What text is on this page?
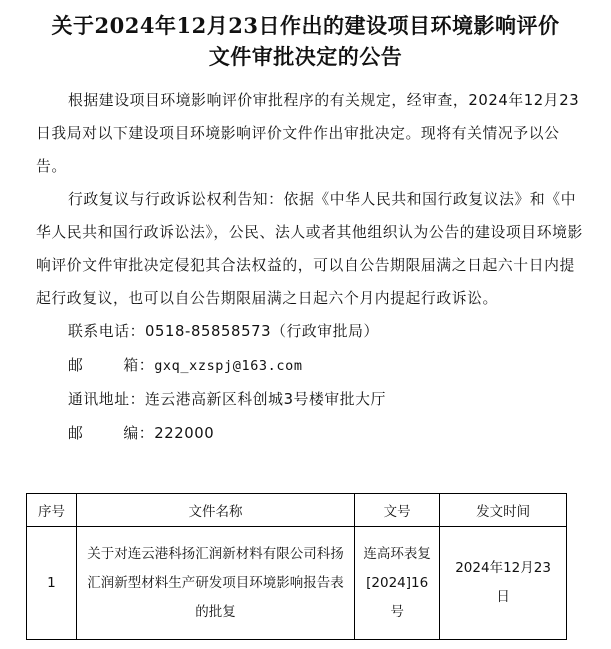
关于2024年12月23日作出的建设项目环境影响评价
文件审批决定的公告

根据建设项目环境影响评价审批程序的有关规定，经审查，2024年12月23日我局对以下建设项目环境影响评价文件作出审批决定。现将有关情况予以公告。

行政复议与行政诉讼权利告知：依据《中华人民共和国行政复议法》和《中华人民共和国行政诉讼法》，公民、法人或者其他组织认为公告的建设项目环境影响评价文件审批决定侵犯其合法权益的，可以自公告期限届满之日起六十日内提起行政复议，也可以自公告期限届满之日起六个月内提起行政诉讼。

联系电话：0518-85858573（行政审批局）
邮	箱：gxq_xzspj@163.com
通讯地址：连云港高新区科创城3号楼审批大厅
邮	编：222000
序号	文件名称	文号	发文时间
1	关于对连云港科扬汇润新材料有限公司科扬汇润新型材料生产研发项目环境影响报告表的批复	连高环表复[2024]16号	2024年12月23日
